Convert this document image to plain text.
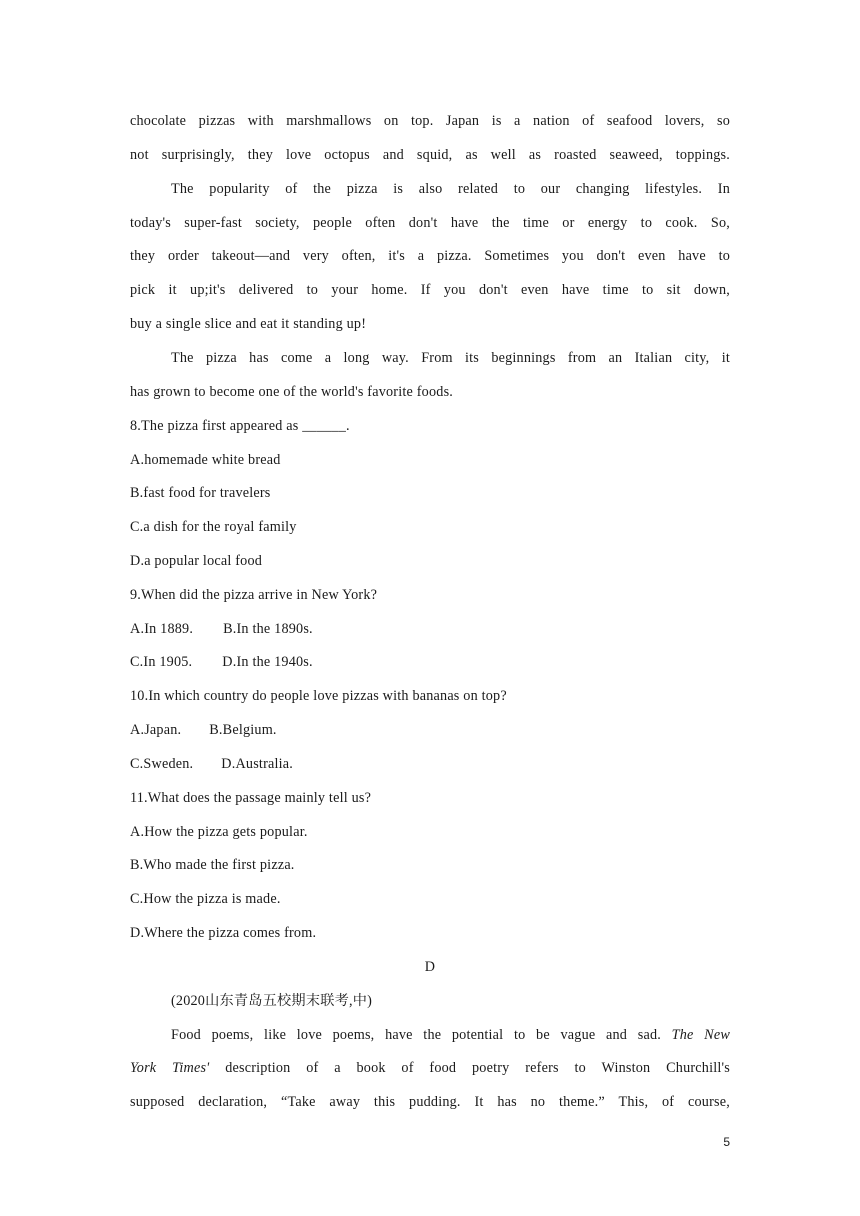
chocolate pizzas with marshmallows on top. Japan is a nation of seafood lovers, so
not surprisingly, they love octopus and squid, as well as roasted seaweed, toppings.
The popularity of the pizza is also related to our changing lifestyles. In
today's super-fast society, people often don't have the time or energy to cook. So,
they order takeout—and very often, it's a pizza. Sometimes you don't even have to
pick it up;it's delivered to your home. If you don't even have time to sit down,
buy a single slice and eat it standing up!
The pizza has come a long way. From its beginnings from an Italian city, it
has grown to become one of the world's favorite foods.
8.The pizza first appeared as ______.
A.homemade white bread
B.fast food for travelers
C.a dish for the royal family
D.a popular local food
9.When did the pizza arrive in New York?
A.In 1889. B.In the 1890s.
C.In 1905. D.In the 1940s.
10.In which country do people love pizzas with bananas on top?
A.Japan. B.Belgium.
C.Sweden. D.Australia.
11.What does the passage mainly tell us?
A.How the pizza gets popular.
B.Who made the first pizza.
C.How the pizza is made.
D.Where the pizza comes from.
D
(2020山东青岛五校期末联考,中)
Food poems, like love poems, have the potential to be vague and sad. The New
York Times' description of a book of food poetry refers to Winston Churchill's
supposed declaration, “Take away this pudding. It has no theme.” This, of course,
5
